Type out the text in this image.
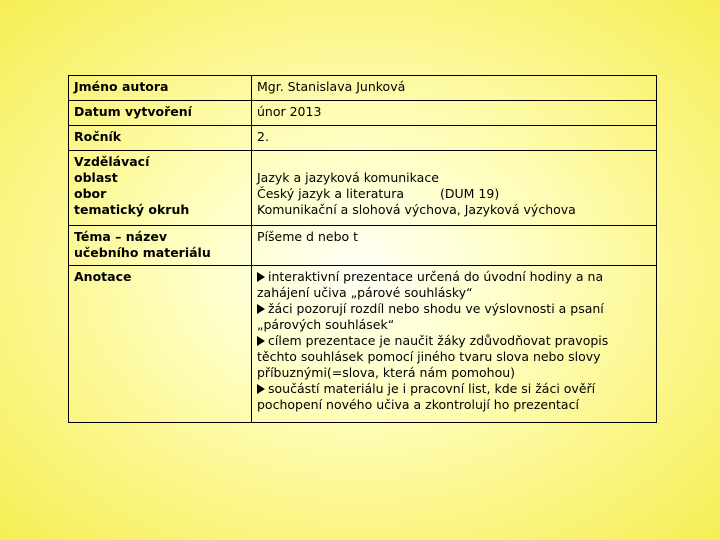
Jméno autora	Mgr. Stanislava Junková
Datum vytvoření	únor 2013
Ročník	2.

Vzdělávací
oblast
obor
tematický okruh	Jazyk a jazyková komunikace
Český jazyk a literatura (DUM 19)
Komunikační a slohová výchova, Jazyková výchova

Téma – název
učebního materiálu	Píšeme d nebo t
Anotace	interaktivní prezentace určená do úvodní hodiny a na zahájení učiva „párové souhlásky“
žáci pozorují rozdíl nebo shodu ve výslovnosti a psaní „párových souhlásek“
cílem prezentace je naučit žáky zdůvodňovat pravopis těchto souhlásek pomocí jiného tvaru slova nebo slovy příbuznými(=slova, která nám pomohou)
součástí materiálu je i pracovní list, kde si žáci ověří pochopení nového učiva a zkontrolují ho prezentací
